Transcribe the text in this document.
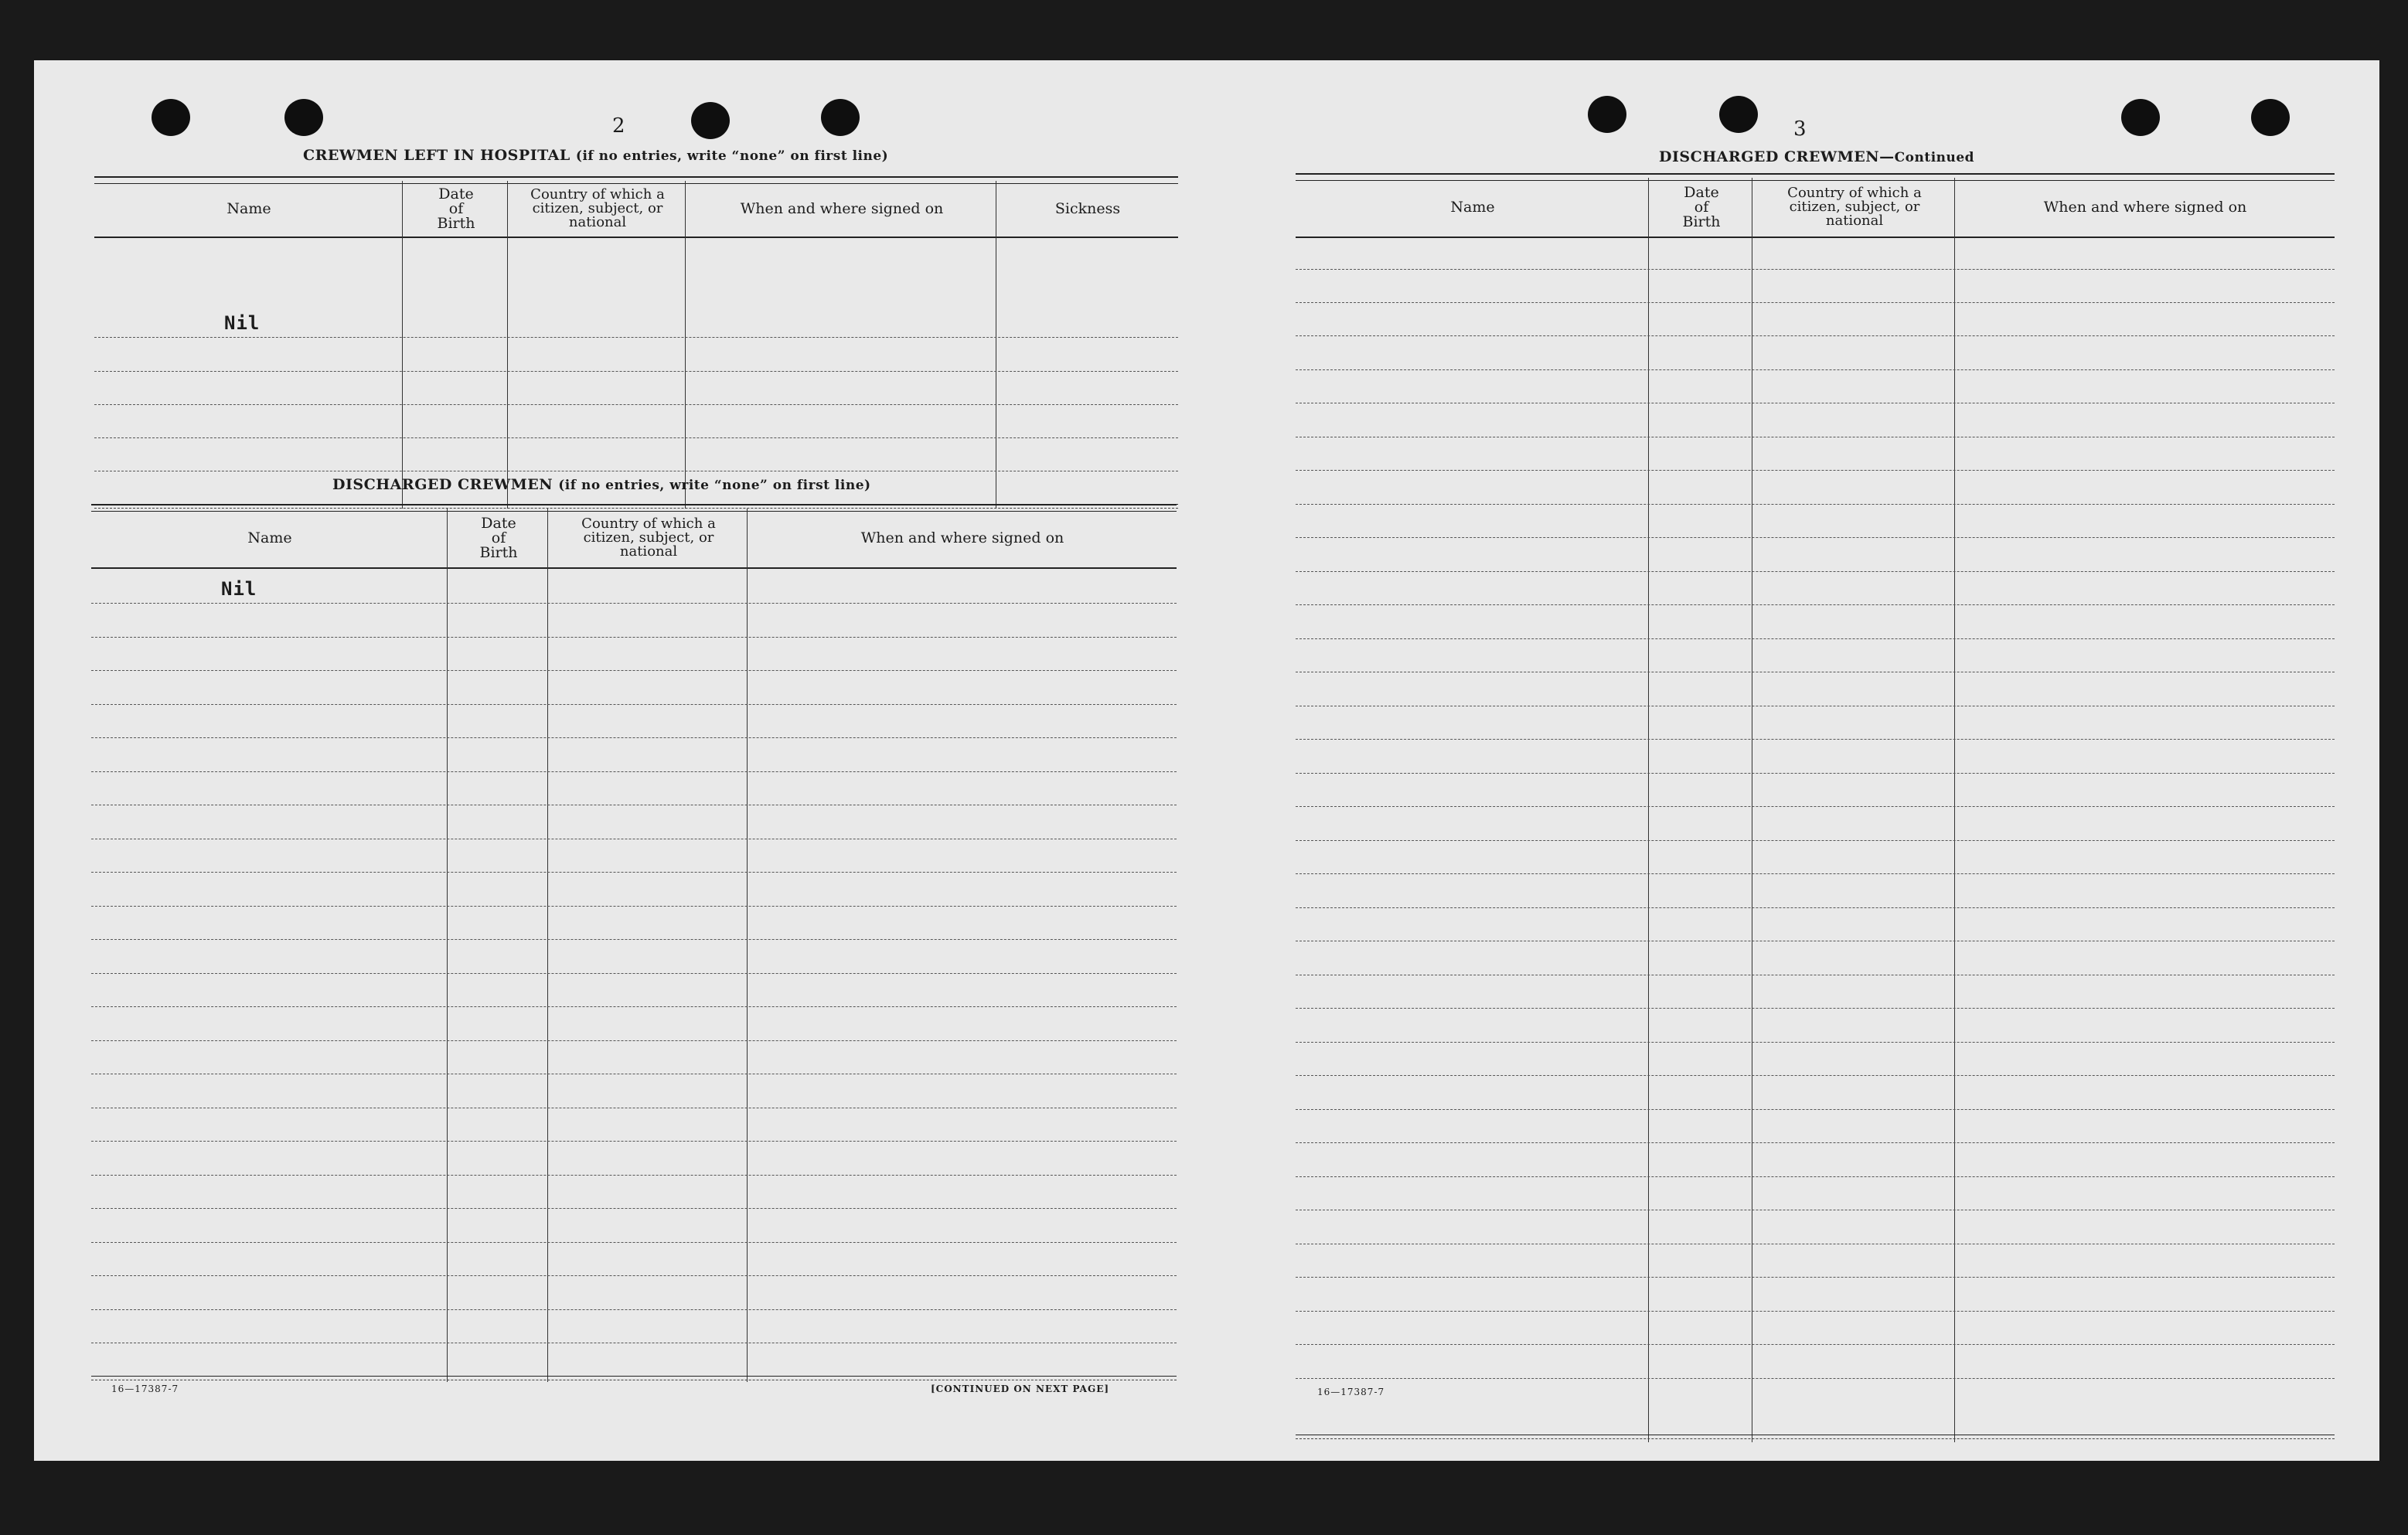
2
CREWMEN LEFT IN HOSPITAL (if no entries, write “none” on first line)
Name
Date
of
Birth
Country of which a
citizen, subject, or
national
When and where signed on	Sickness
Nil
DISCHARGED CREWMEN (if no entries, write “none” on first line)
Name
Date
of
Birth
Country of which a
citizen, subject, or
national
When and where signed on
Nil
16—17387-7	[CONTINUED ON NEXT PAGE]
3
DISCHARGED CREWMEN—Continued
Name
Date
of
Birth
Country of which a
citizen, subject, or
national
When and where signed on
16—17387-7
